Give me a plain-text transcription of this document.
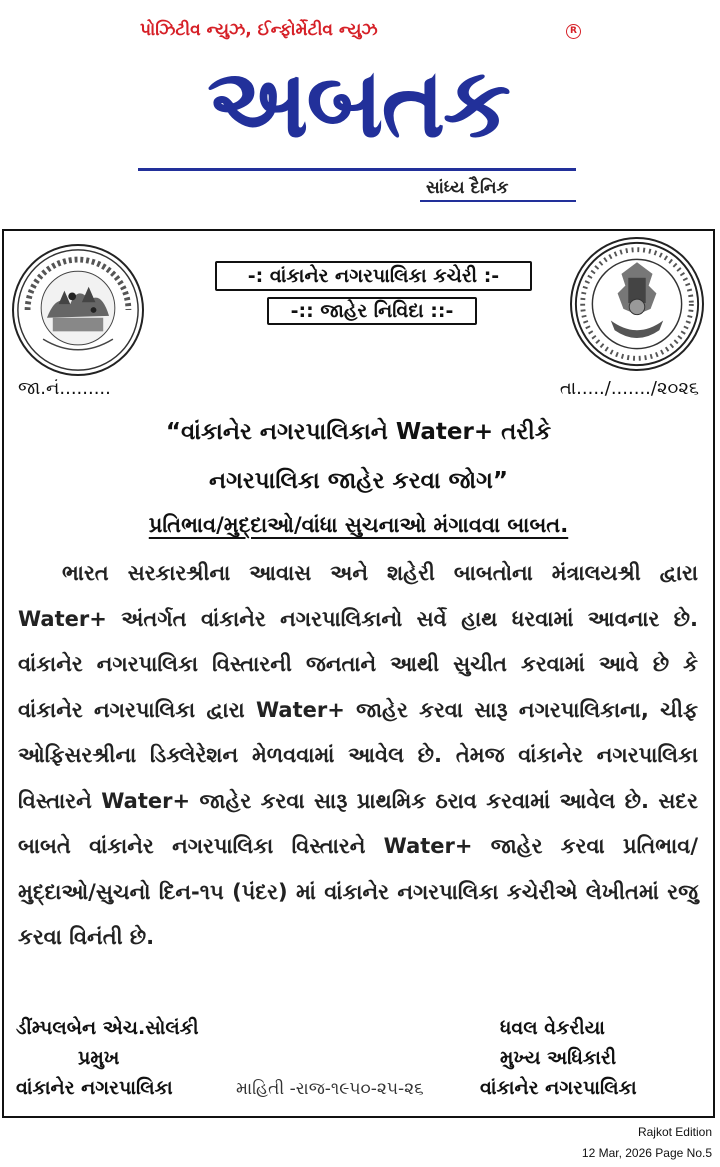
પોઝિટીવ ન્યુઝ, ઈન્ફોર્મેટીવ ન્યુઝ	R
અબતક
સાંધ્ય દૈનિક
-: વાંકાનેર નગરપાલિકા કચેરી :-
-:: જાહેર નિવિદા ::-
જા.નં.........	તા...../......./૨૦૨૬
“વાંકાનેર નગરપાલિકાને Water+ તરીકે
નગરપાલિકા જાહેર કરવા જોગ”
પ્રતિભાવ/મુદ્દાઓ/વાંધા સુચનાઓ મંગાવવા બાબત.

ભારત સરકારશ્રીના આવાસ અને શહેરી બાબતોના મંત્રાલયશ્રી દ્વારા Water+ અંતર્ગત વાંકાનેર નગરપાલિકાનો સર્વે હાથ ધરવામાં આવનાર છે. વાંકાનેર નગરપાલિકા વિસ્તારની જનતાને આથી સુચીત કરવામાં આવે છે કે વાંકાનેર નગરપાલિકા દ્વારા Water+ જાહેર કરવા સારૂ નગરપાલિકાના, ચીફ ઓફિસરશ્રીના ડિક્લેરેશન મેળવવામાં આવેલ છે. તેમજ વાંકાનેર નગરપાલિકા વિસ્તારને Water+ જાહેર કરવા સારૂ પ્રાથમિક ઠરાવ કરવામાં આવેલ છે. સદર બાબતે વાંકાનેર નગરપાલિકા વિસ્તારને Water+ જાહેર કરવા પ્રતિભાવ/ મુદ્દાઓ/સુચનો દિન-૧૫ (પંદર) માં વાંકાનેર નગરપાલિકા કચેરીએ લેખીતમાં રજુ કરવા વિનંતી છે.

ડીંમ્પલબેન એચ.સોલંકી
પ્રમુખ
વાંકાનેર નગરપાલિકા	માહિતી -રાજ-૧૯૫૦-૨૫-૨૬
ધવલ વેકરીયા
મુખ્ય અધિકારી
વાંકાનેર નગરપાલિકા
Rajkot Edition
12 Mar, 2026 Page No.5
